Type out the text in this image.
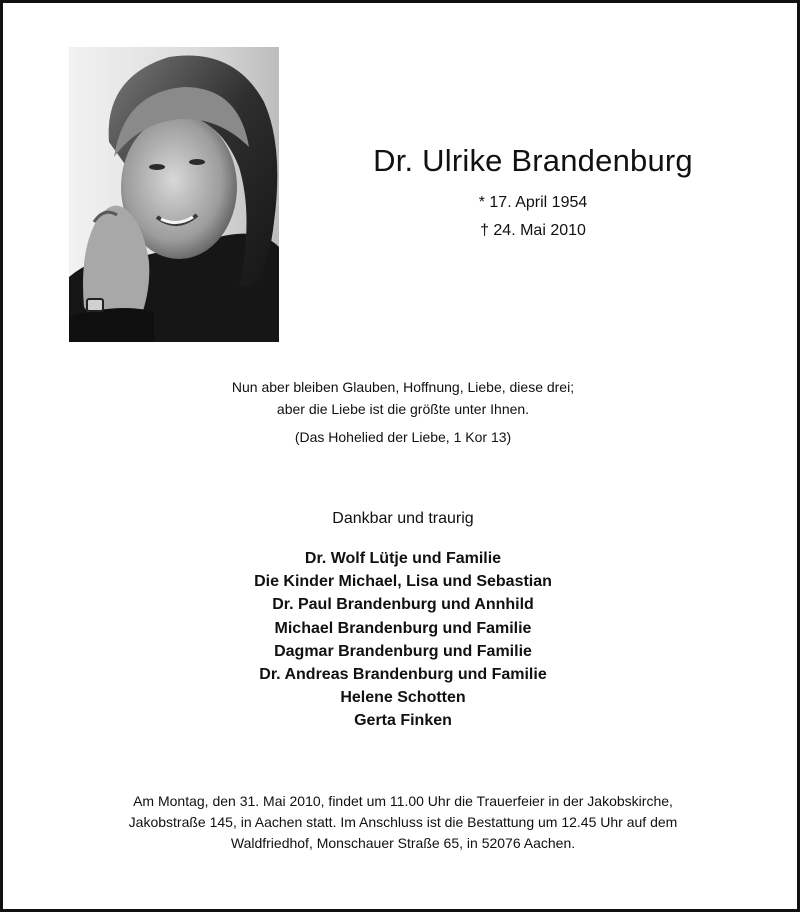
Dr. Ulrike Brandenburg
* 17. April 1954
† 24. Mai 2010
Nun aber bleiben Glauben, Hoffnung, Liebe, diese drei;
aber die Liebe ist die größte unter Ihnen.
(Das Hohelied der Liebe, 1 Kor 13)
Dankbar und traurig
Dr. Wolf Lütje und Familie
Die Kinder Michael, Lisa und Sebastian
Dr. Paul Brandenburg und Annhild
Michael Brandenburg und Familie
Dagmar Brandenburg und Familie
Dr. Andreas Brandenburg und Familie
Helene Schotten
Gerta Finken
Am Montag, den 31. Mai 2010, findet um 11.00 Uhr die Trauerfeier in der Jakobskirche,
Jakobstraße 145, in Aachen statt. Im Anschluss ist die Bestattung um 12.45 Uhr auf dem
Waldfriedhof, Monschauer Straße 65, in 52076 Aachen.
